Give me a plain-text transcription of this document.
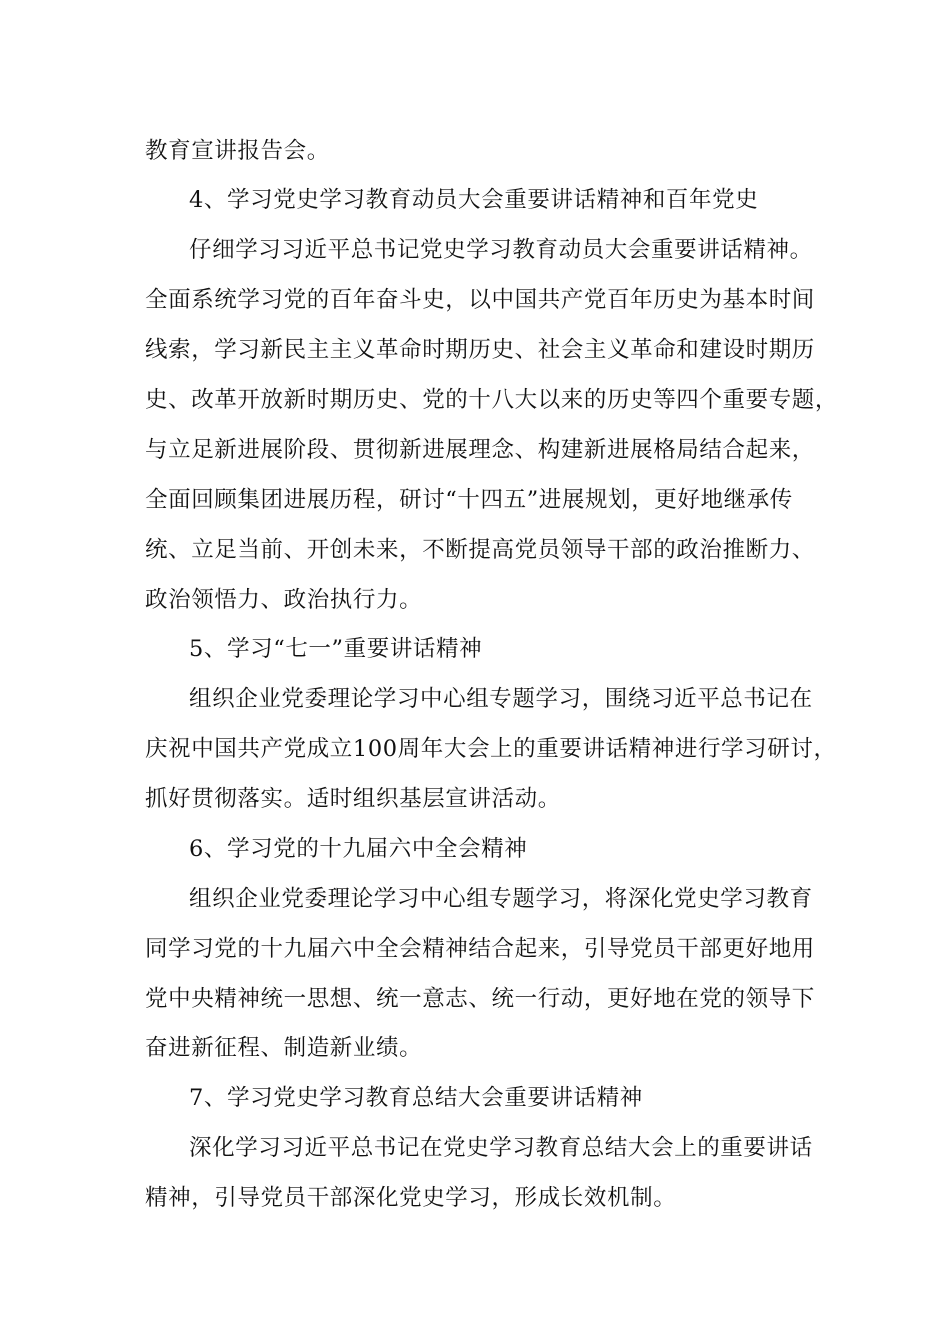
教育宣讲报告会。
4、学习党史学习教育动员大会重要讲话精神和百年党史
仔细学习习近平总书记党史学习教育动员大会重要讲话精神。
全面系统学习党的百年奋斗史，以中国共产党百年历史为基本时间
线索，学习新民主主义革命时期历史、社会主义革命和建设时期历
史、改革开放新时期历史、党的十八大以来的历史等四个重要专题，
与立足新进展阶段、贯彻新进展理念、构建新进展格局结合起来，
全面回顾集团进展历程，研讨“十四五”进展规划，更好地继承传
统、立足当前、开创未来，不断提高党员领导干部的政治推断力、
政治领悟力、政治执行力。
5、学习“七一”重要讲话精神
组织企业党委理论学习中心组专题学习，围绕习近平总书记在
庆祝中国共产党成立100周年大会上的重要讲话精神进行学习研讨，
抓好贯彻落实。适时组织基层宣讲活动。
6、学习党的十九届六中全会精神
组织企业党委理论学习中心组专题学习，将深化党史学习教育
同学习党的十九届六中全会精神结合起来，引导党员干部更好地用
党中央精神统一思想、统一意志、统一行动，更好地在党的领导下
奋进新征程、制造新业绩。
7、学习党史学习教育总结大会重要讲话精神
深化学习习近平总书记在党史学习教育总结大会上的重要讲话
精神，引导党员干部深化党史学习，形成长效机制。
